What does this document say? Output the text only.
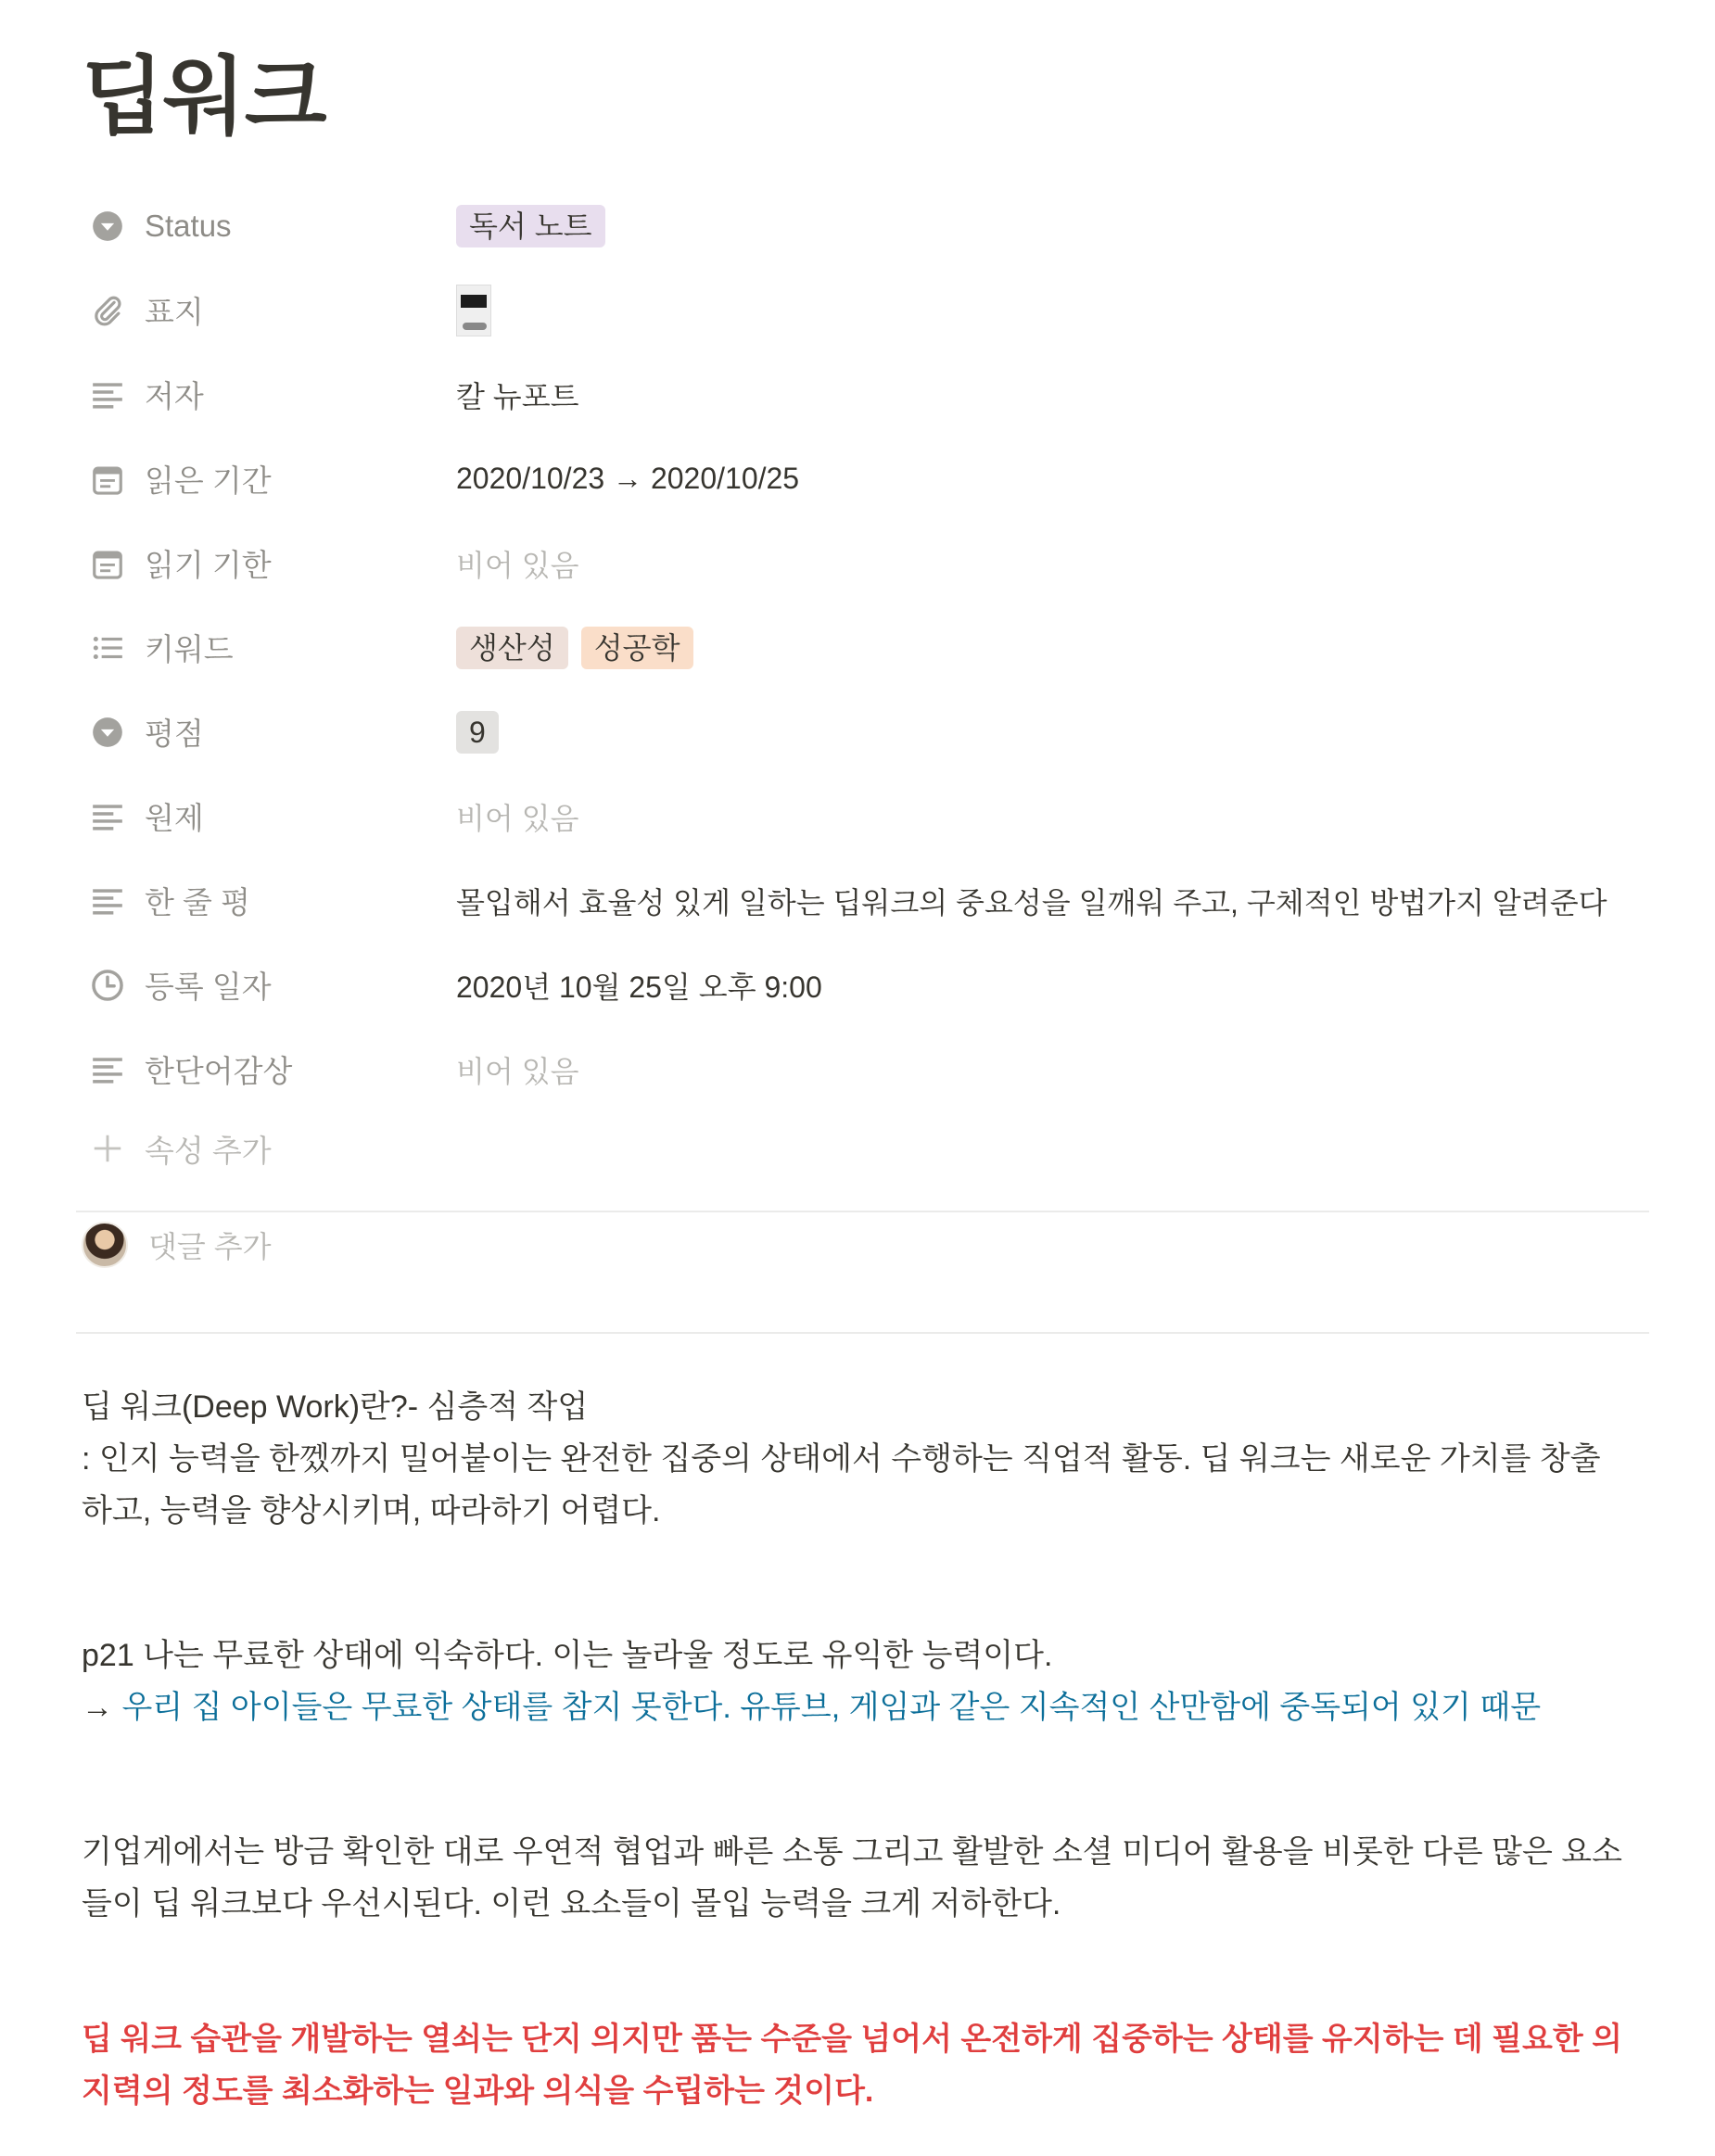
딥워크
Status	독서 노트
표지
저자	칼 뉴포트
읽은 기간	2020/10/23 → 2020/10/25
읽기 기한	비어 있음
키워드	생산성	성공학
평점	9
원제	비어 있음
한 줄 평	몰입해서 효율성 있게 일하는 딥워크의 중요성을 일깨워 주고, 구체적인 방법가지 알려준다
등록 일자	2020년 10월 25일 오후 9:00
한단어감상	비어 있음
속성 추가
댓글 추가

딥 워크(Deep Work)란?- 심층적 작업

: 인지 능력을 한껬까지 밀어붙이는 완전한 집중의 상태에서 수행하는 직업적 활동. 딥 워크는 새로운 가치를 창출

하고, 능력을 향상시키며, 따라하기 어렵다.

p21 나는 무료한 상태에 익숙하다. 이는 놀라울 정도로 유익한 능력이다.

→ 우리 집 아이들은 무료한 상태를 참지 못한다. 유튜브, 게임과 같은 지속적인 산만함에 중독되어 있기 때문

기업게에서는 방금 확인한 대로 우연적 협업과 빠른 소통 그리고 활발한 소셜 미디어 활용을 비롯한 다른 많은 요소

들이 딥 워크보다 우선시된다. 이런 요소들이 몰입 능력을 크게 저하한다.

딥 워크 습관을 개발하는 열쇠는 단지 의지만 품는 수준을 넘어서 온전하게 집중하는 상태를 유지하는 데 필요한 의

지력의 정도를 최소화하는 일과와 의식을 수립하는 것이다.
